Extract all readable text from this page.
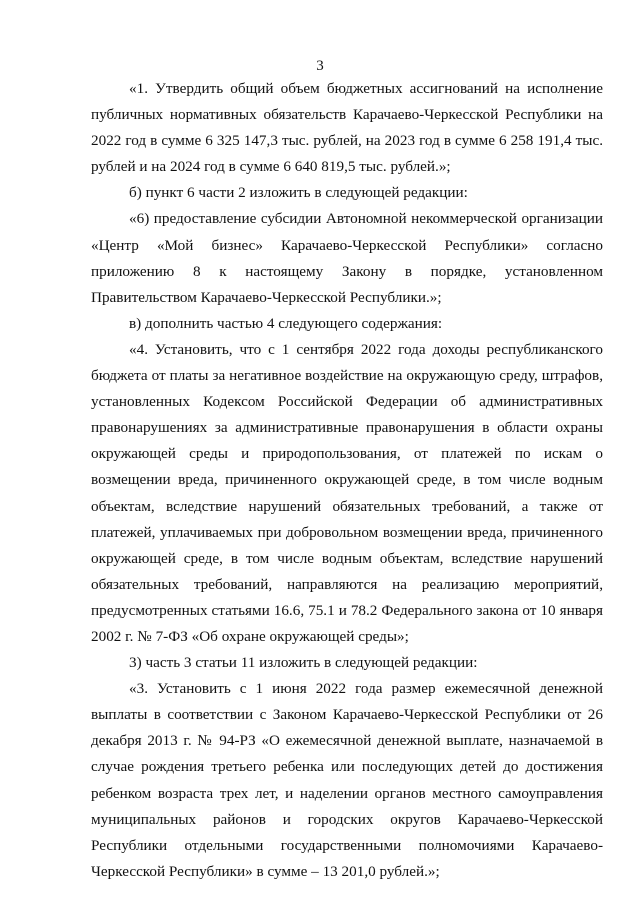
3

«1. Утвердить общий объем бюджетных ассигнований на исполнение публичных нормативных обязательств Карачаево-Черкесской Республики на 2022 год в сумме 6 325 147,3 тыс. рублей, на 2023 год в сумме 6 258 191,4 тыс. рублей и на 2024 год в сумме 6 640 819,5 тыс. рублей.»;

б) пункт 6 части 2 изложить в следующей редакции:

«6) предоставление субсидии Автономной некоммерческой организации «Центр «Мой бизнес» Карачаево-Черкесской Республики» согласно приложению 8 к настоящему Закону в порядке, установленном Правительством Карачаево-Черкесской Республики.»;

в) дополнить частью 4 следующего содержания:

«4. Установить, что с 1 сентября 2022 года доходы республиканского бюджета от платы за негативное воздействие на окружающую среду, штрафов, установленных Кодексом Российской Федерации об административных правонарушениях за административные правонарушения в области охраны окружающей среды и природопользования, от платежей по искам о возмещении вреда, причиненного окружающей среде, в том числе водным объектам, вследствие нарушений обязательных требований, а также от платежей, уплачиваемых при добровольном возмещении вреда, причиненного окружающей среде, в том числе водным объектам, вследствие нарушений обязательных требований, направляются на реализацию мероприятий, предусмотренных статьями 16.6, 75.1 и 78.2 Федерального закона от 10 января 2002 г. № 7-ФЗ «Об охране окружающей среды»;

3) часть 3 статьи 11 изложить в следующей редакции:

«3. Установить с 1 июня 2022 года размер ежемесячной денежной выплаты в соответствии с Законом Карачаево-Черкесской Республики от 26 декабря 2013 г. № 94-РЗ «О ежемесячной денежной выплате, назначаемой в случае рождения третьего ребенка или последующих детей до достижения ребенком возраста трех лет, и наделении органов местного самоуправления муниципальных районов и городских округов Карачаево-Черкесской Республики отдельными государственными полномочиями Карачаево-Черкесской Республики» в сумме – 13 201,0 рублей.»;
